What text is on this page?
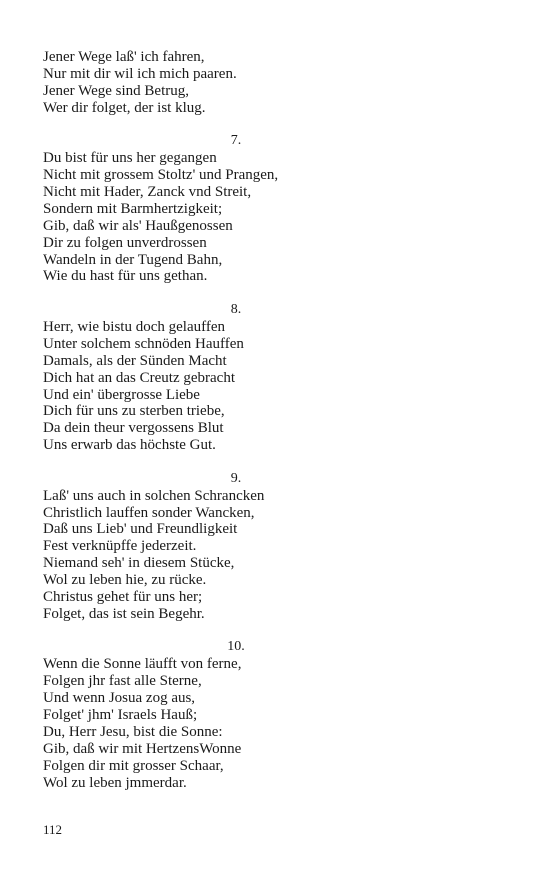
Jener Wege laß' ich fahren,
Nur mit dir wil ich mich paaren.
Jener Wege sind Betrug,
Wer dir folget, der ist klug.
7.
Du bist für uns her gegangen
Nicht mit grossem Stoltz' und Prangen,
Nicht mit Hader, Zanck vnd Streit,
Sondern mit Barmhertzigkeit;
Gib, daß wir als' Haußgenossen
Dir zu folgen unverdrossen
Wandeln in der Tugend Bahn,
Wie du hast für uns gethan.
8.
Herr, wie bistu doch gelauffen
Unter solchem schnöden Hauffen
Damals, als der Sünden Macht
Dich hat an das Creutz gebracht
Und ein' übergrosse Liebe
Dich für uns zu sterben triebe,
Da dein theur vergossens Blut
Uns erwarb das höchste Gut.
9.
Laß' uns auch in solchen Schrancken
Christlich lauffen sonder Wancken,
Daß uns Lieb' und Freundligkeit
Fest verknüpffe jederzeit.
Niemand seh' in diesem Stücke,
Wol zu leben hie, zu rücke.
Christus gehet für uns her;
Folget, das ist sein Begehr.
10.
Wenn die Sonne läufft von ferne,
Folgen jhr fast alle Sterne,
Und wenn Josua zog aus,
Folget' jhm' Israels Hauß;
Du, Herr Jesu, bist die Sonne:
Gib, daß wir mit HertzensWonne
Folgen dir mit grosser Schaar,
Wol zu leben jmmerdar.
112
